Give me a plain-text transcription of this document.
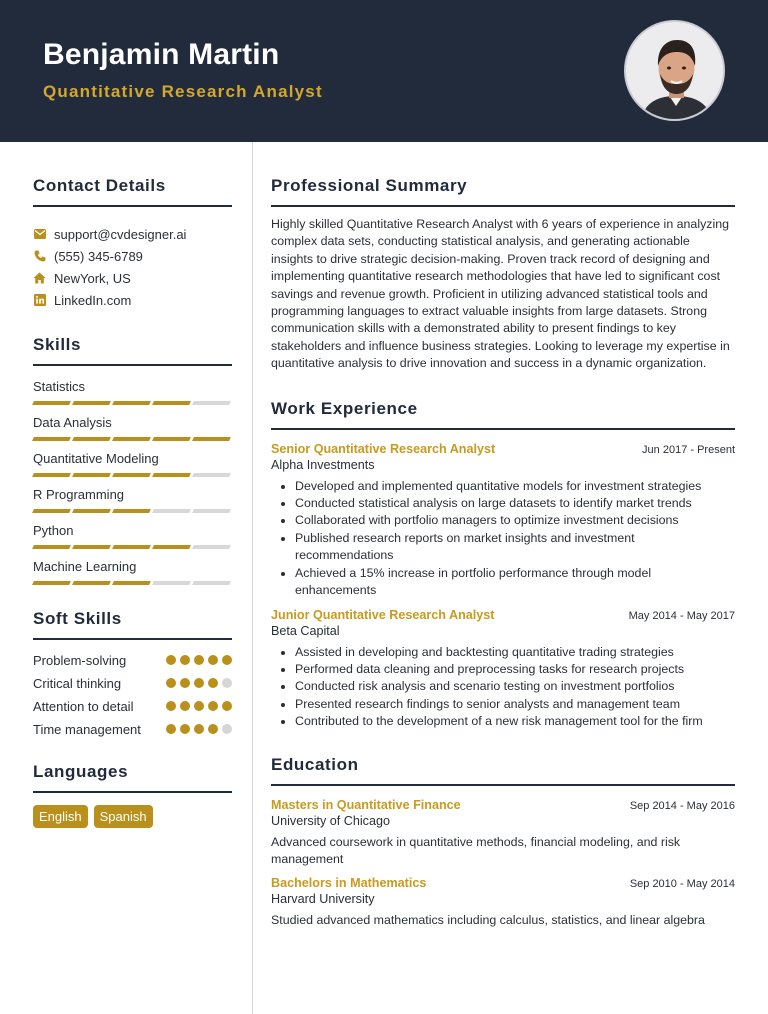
Benjamin Martin
Quantitative Research Analyst
Contact Details
support@cvdesigner.ai
(555) 345-6789
NewYork, US
LinkedIn.com
Skills
Statistics
Data Analysis
Quantitative Modeling
R Programming
Python
Machine Learning
Soft Skills
Problem-solving
Critical thinking
Attention to detail
Time management
Languages
English	Spanish
Professional Summary

Highly skilled Quantitative Research Analyst with 6 years of experience in analyzing complex data sets, conducting statistical analysis, and generating actionable insights to drive strategic decision-making. Proven track record of designing and implementing quantitative research methodologies that have led to significant cost savings and revenue growth. Proficient in utilizing advanced statistical tools and programming languages to extract valuable insights from large datasets. Strong communication skills with a demonstrated ability to present findings to key stakeholders and influence business strategies. Looking to leverage my expertise in quantitative analysis to drive innovation and success in a dynamic organization.

Work Experience
Senior Quantitative Research Analyst	Jun 2017 - Present
Alpha Investments
• Developed and implemented quantitative models for investment strategies
• Conducted statistical analysis on large datasets to identify market trends
• Collaborated with portfolio managers to optimize investment decisions
• Published research reports on market insights and investment recommendations
• Achieved a 15% increase in portfolio performance through model enhancements
Junior Quantitative Research Analyst	May 2014 - May 2017
Beta Capital
• Assisted in developing and backtesting quantitative trading strategies
• Performed data cleaning and preprocessing tasks for research projects
• Conducted risk analysis and scenario testing on investment portfolios
• Presented research findings to senior analysts and management team
• Contributed to the development of a new risk management tool for the firm
Education
Masters in Quantitative Finance	Sep 2014 - May 2016
University of Chicago

Advanced coursework in quantitative methods, financial modeling, and risk management

Bachelors in Mathematics	Sep 2010 - May 2014
Harvard University

Studied advanced mathematics including calculus, statistics, and linear algebra
